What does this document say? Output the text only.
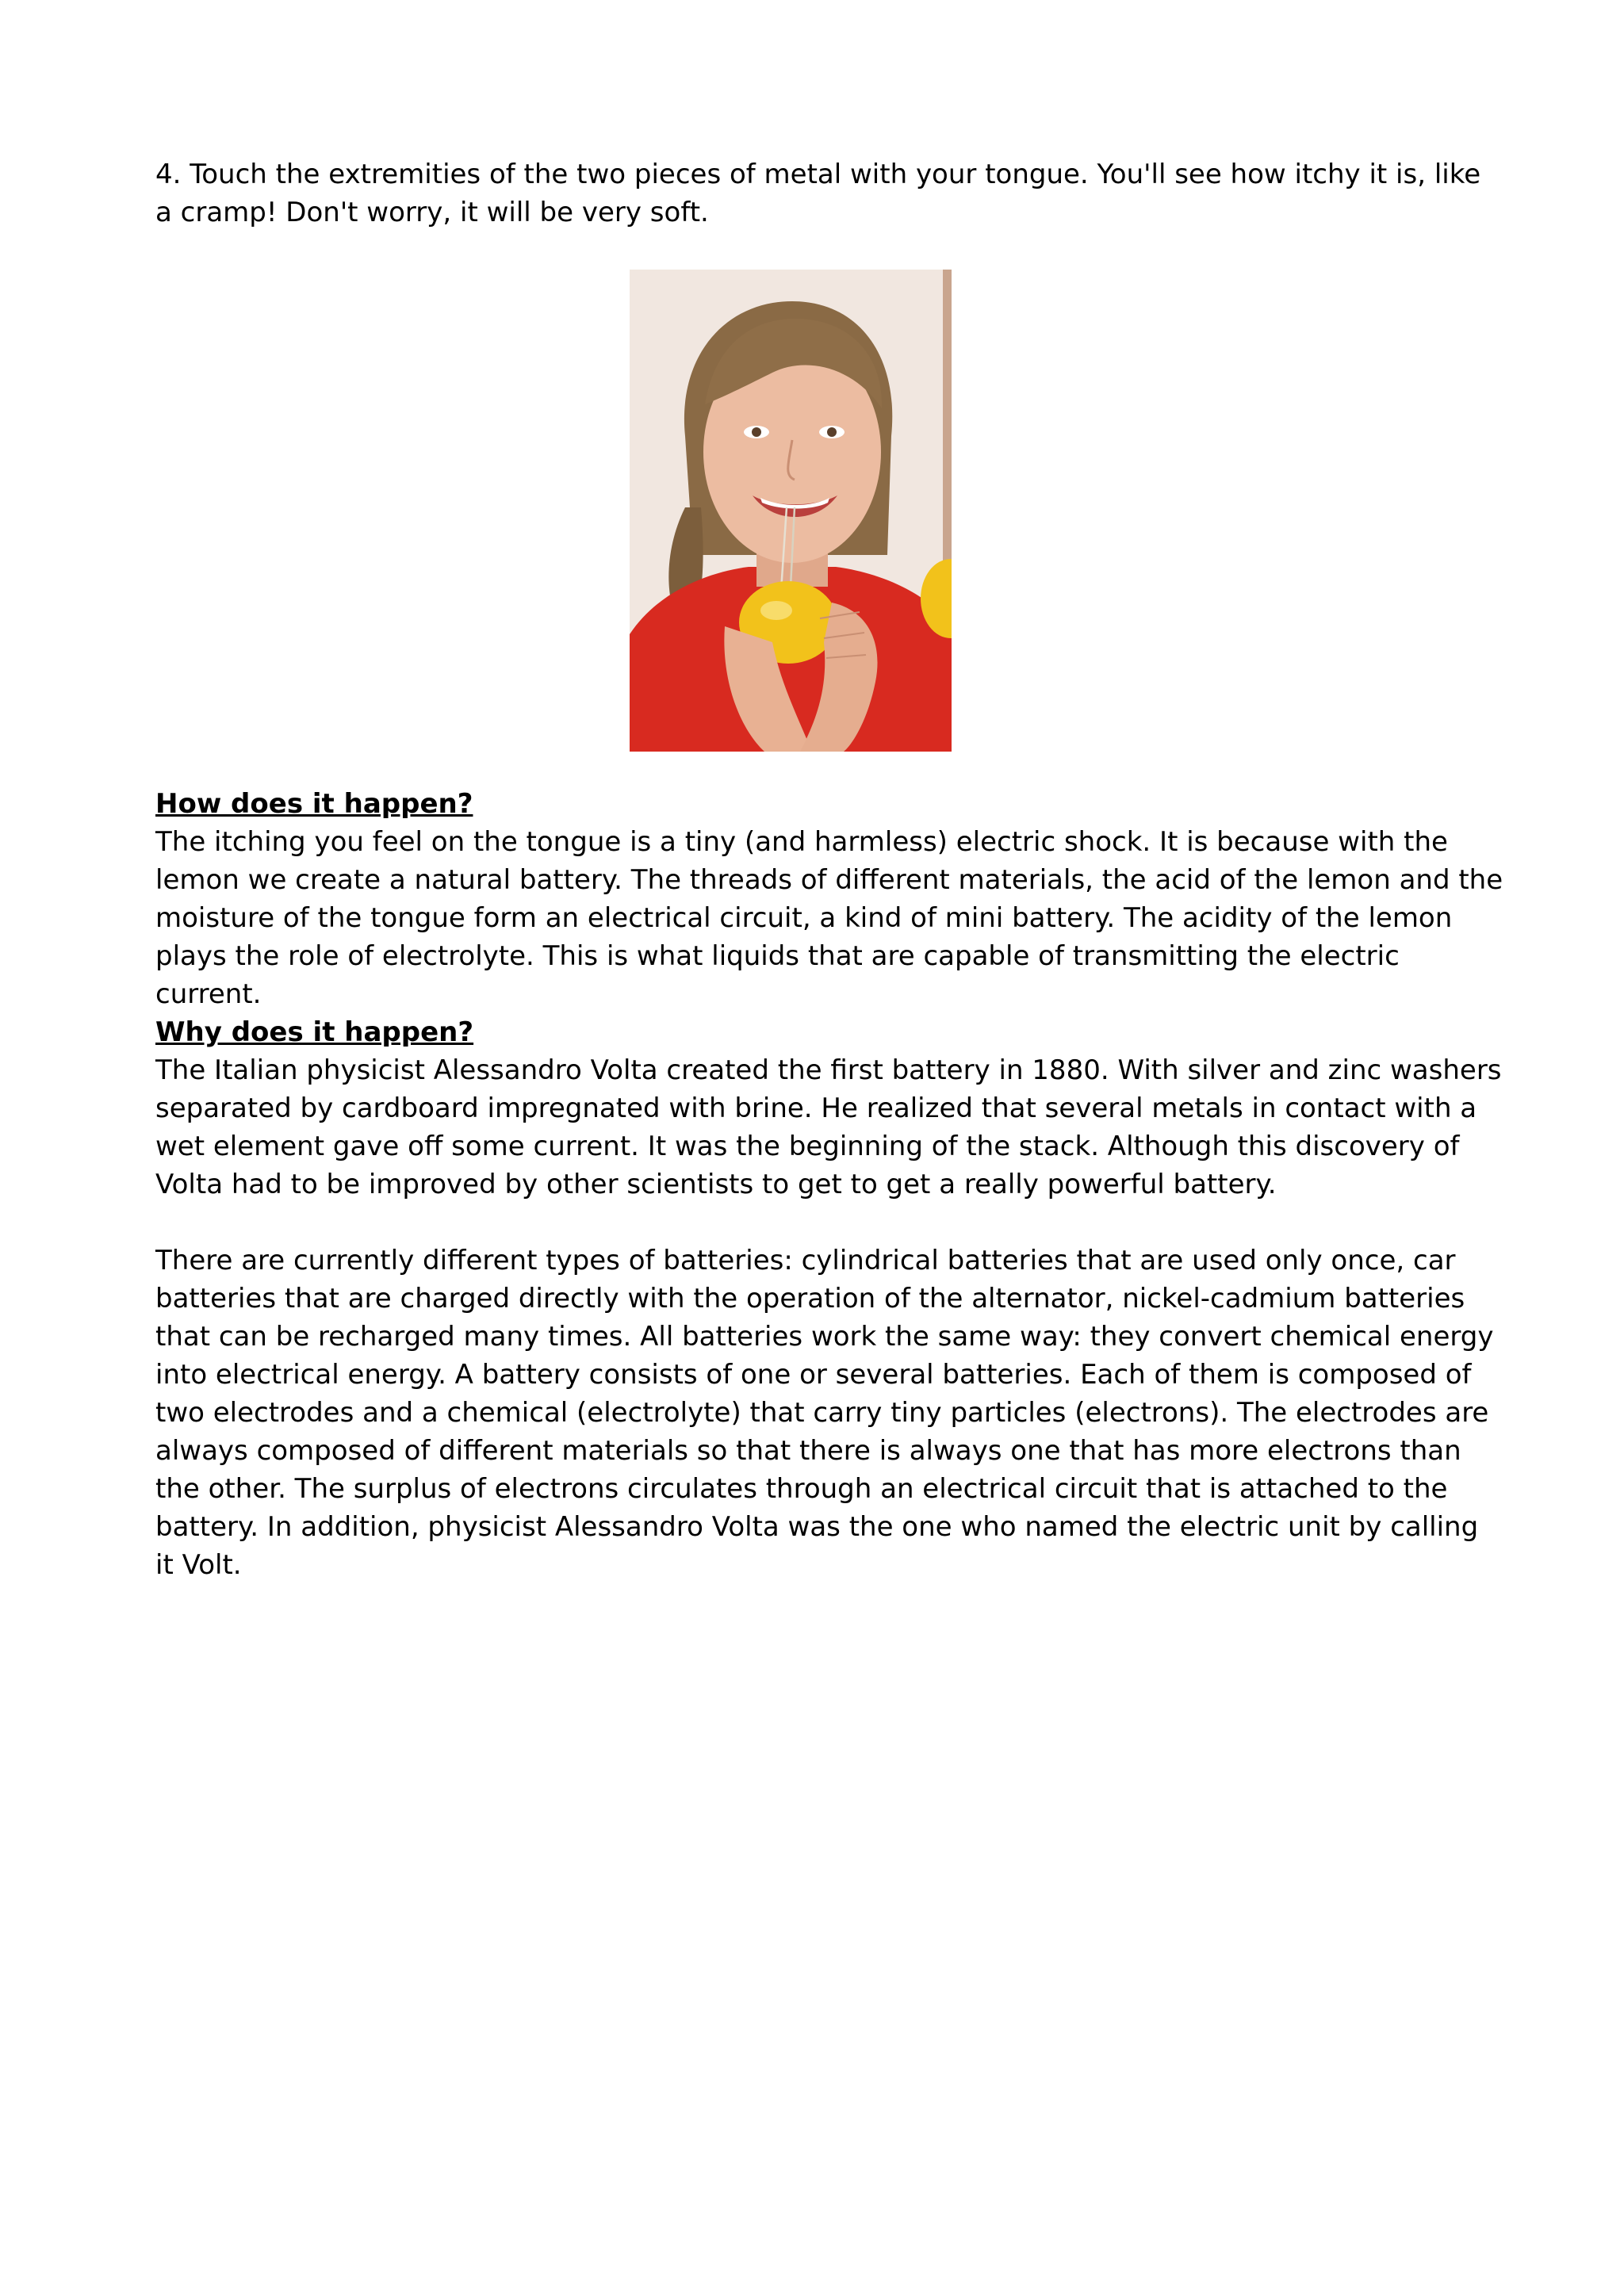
4. Touch the extremities of the two pieces of metal with your tongue. You'll see how itchy it is, like a cramp! Don't worry, it will be very soft.

How does it happen?
The itching you feel on the tongue is a tiny (and harmless) electric shock. It is because with the lemon we create a natural battery. The threads of different materials, the acid of the lemon and the moisture of the tongue form an electrical circuit, a kind of mini battery. The acidity of the lemon plays the role of electrolyte. This is what liquids that are capable of transmitting the electric current.
Why does it happen?
The Italian physicist Alessandro Volta created the first battery in 1880. With silver and zinc washers separated by cardboard impregnated with brine. He realized that several metals in contact with a wet element gave off some current. It was the beginning of the stack. Although this discovery of Volta had to be improved by other scientists to get to get a really powerful battery.

There are currently different types of batteries: cylindrical batteries that are used only once, car batteries that are charged directly with the operation of the alternator, nickel-cadmium batteries that can be recharged many times. All batteries work the same way: they convert chemical energy into electrical energy. A battery consists of one or several batteries. Each of them is composed of two electrodes and a chemical (electrolyte) that carry tiny particles (electrons). The electrodes are always composed of different materials so that there is always one that has more electrons than the other. The surplus of electrons circulates through an electrical circuit that is attached to the battery. In addition, physicist Alessandro Volta was the one who named the electric unit by calling it Volt.
